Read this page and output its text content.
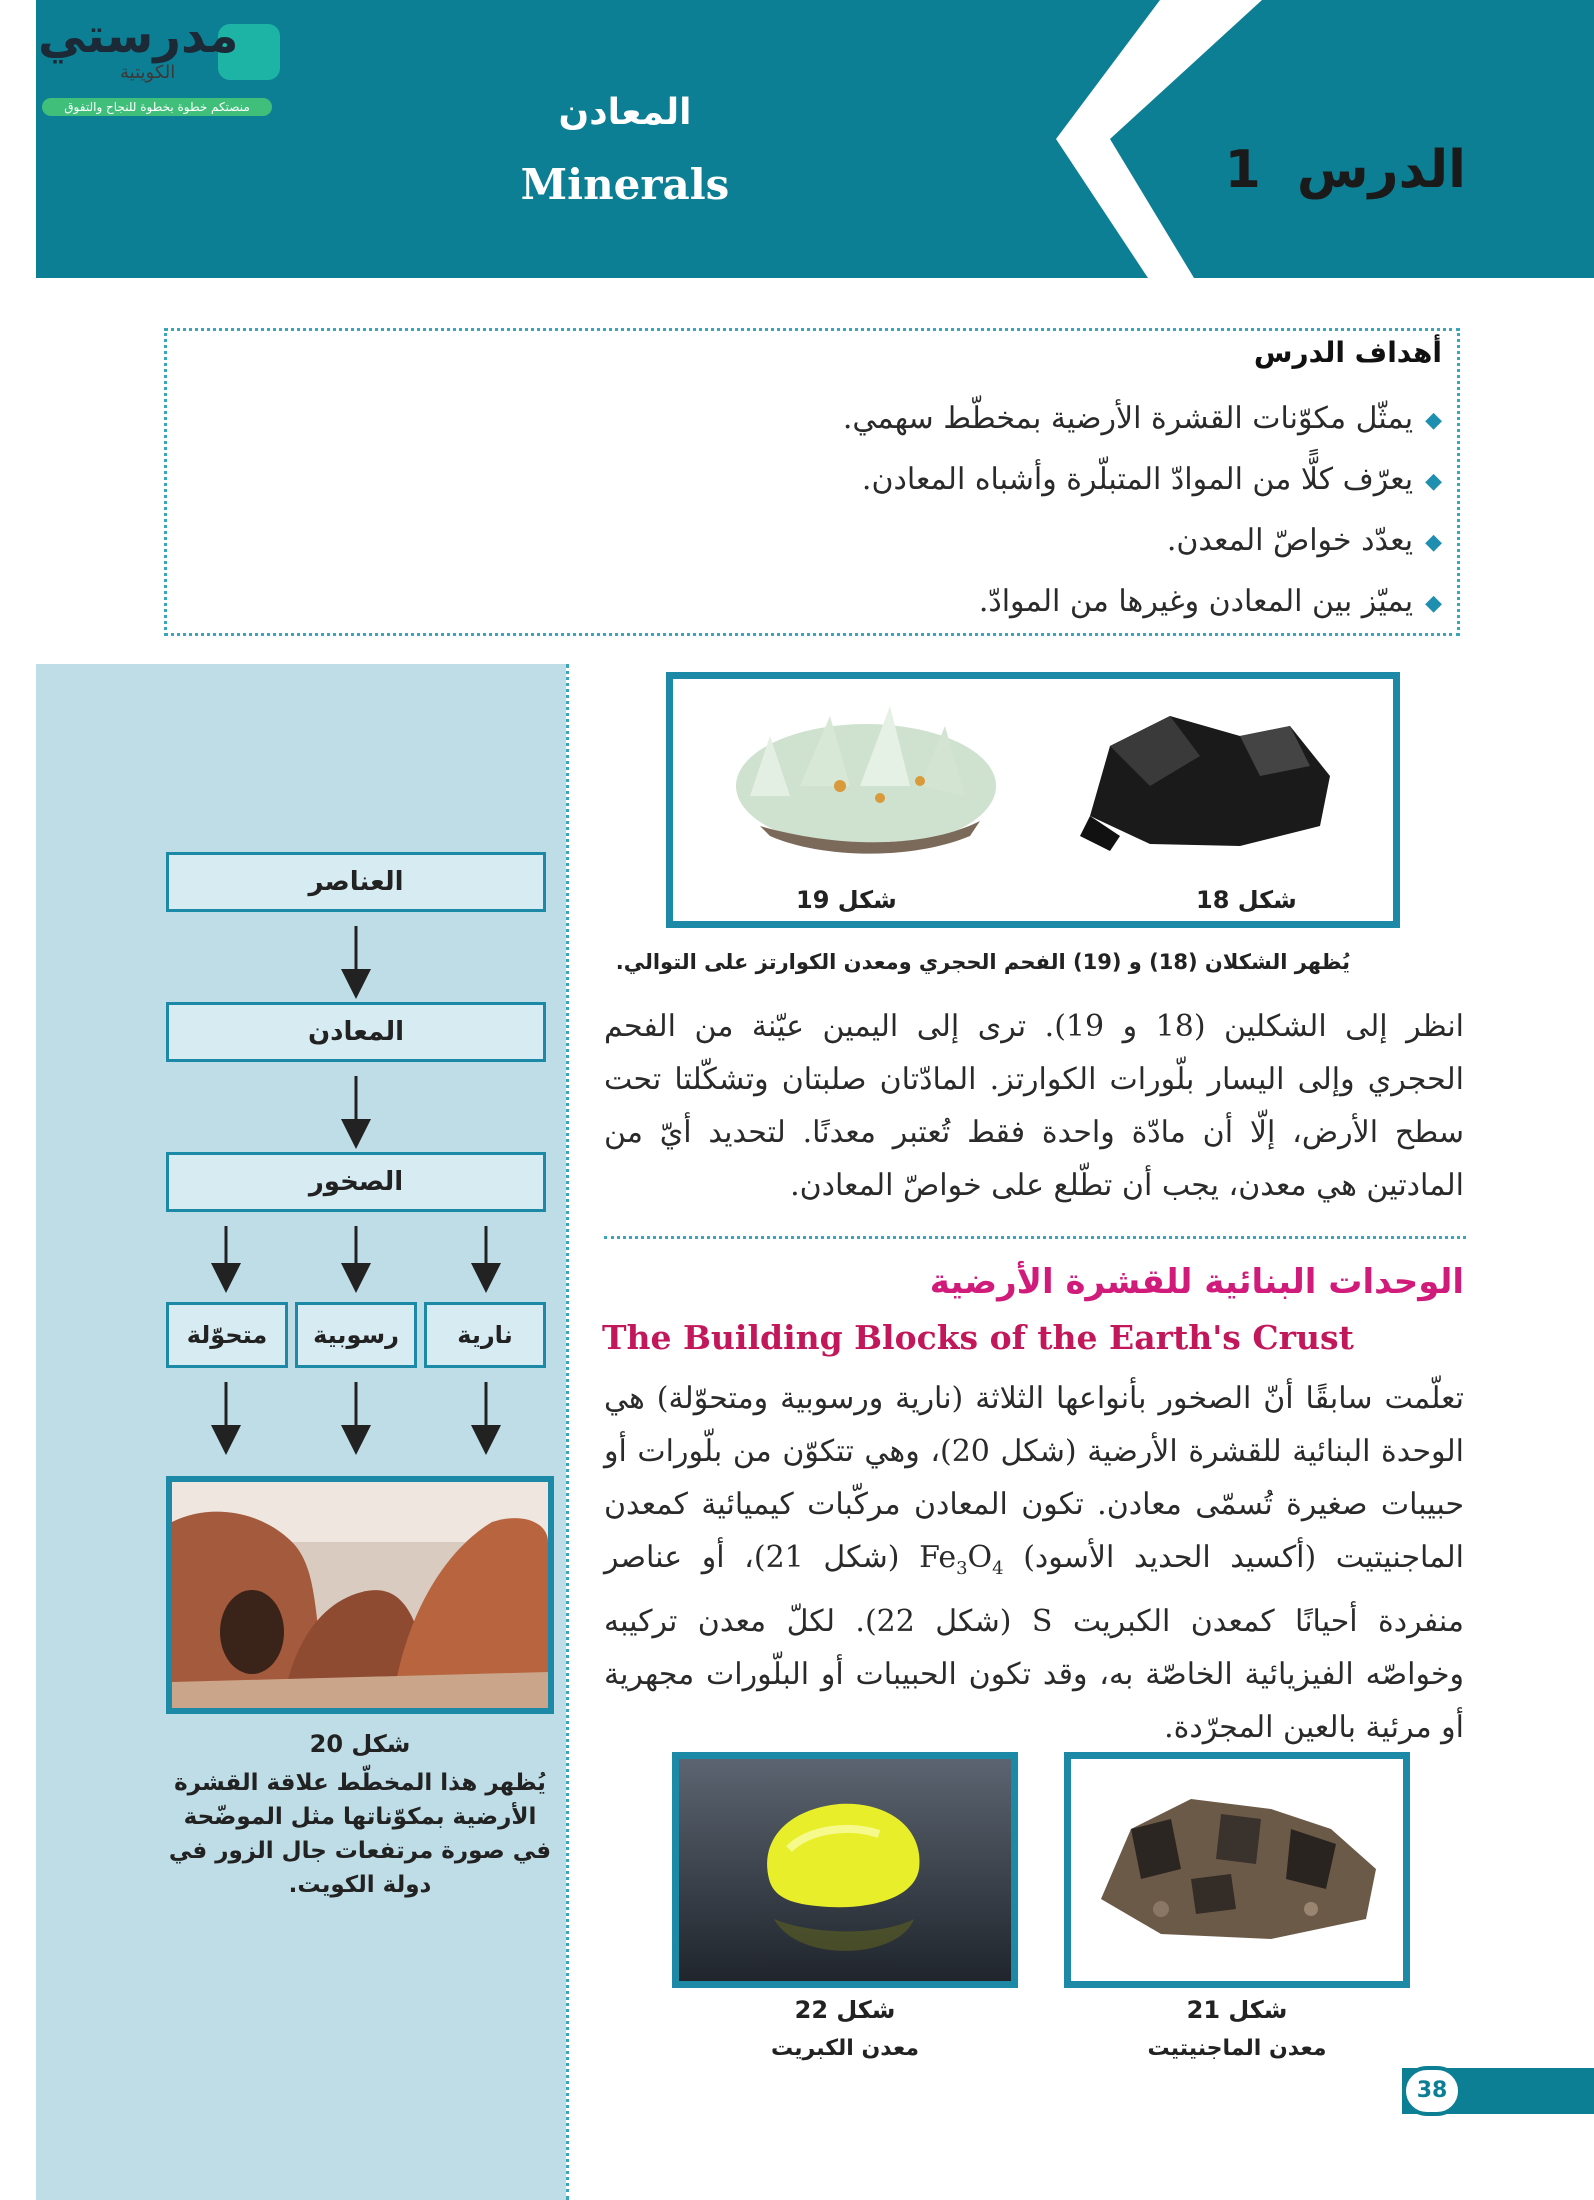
الدرس 1
المعادن
Minerals
مدرستي
الكويتية
منصتكم خطوة بخطوة للنجاح والتفوق
أهداف الدرس
◆يمثّل مكوّنات القشرة الأرضية بمخطّط سهمي.
◆يعرّف كلًّا من الموادّ المتبلّرة وأشباه المعادن.
◆يعدّد خواصّ المعدن.
◆يميّز بين المعادن وغيرها من الموادّ.
العناصر
المعادن
الصخور
نارية
رسوبية
متحوّلة
شكل 20
يُظهر هذا المخطّط علاقة القشرة الأرضية بمكوّناتها مثل الموضّحة في صورة مرتفعات جال الزور في دولة الكويت.
شكل 19	شكل 18
يُظهر الشكلان (18) و (19) الفحم الحجري ومعدن الكوارتز على التوالي.
انظر إلى الشكلين (18 و 19). ترى إلى اليمين عيّنة من الفحم الحجري وإلى اليسار بلّورات الكوارتز. المادّتان صلبتان وتشكّلتا تحت سطح الأرض، إلّا أن مادّة واحدة فقط تُعتبر معدنًا. لتحديد أيّ من المادتين هي معدن، يجب أن تطّلع على خواصّ المعادن.
الوحدات البنائية للقشرة الأرضية
The Building Blocks of the Earth's Crust
تعلّمت سابقًا أنّ الصخور بأنواعها الثلاثة (نارية ورسوبية ومتحوّلة) هي الوحدة البنائية للقشرة الأرضية (شكل 20)، وهي تتكوّن من بلّورات أو حبيبات صغيرة تُسمّى معادن. تكون المعادن مركّبات كيميائية كمعدن الماجنيتيت (أكسيد الحديد الأسود) $Fe_3O_4$ (شكل 21)، أو عناصر منفردة أحيانًا كمعدن الكبريت S (شكل 22). لكلّ معدن تركيبه وخواصّه الفيزيائية الخاصّة به، وقد تكون الحبيبات أو البلّورات مجهرية أو مرئية بالعين المجرّدة.
شكل 22
معدن الكبريت
شكل 21
معدن الماجنيتيت
38
